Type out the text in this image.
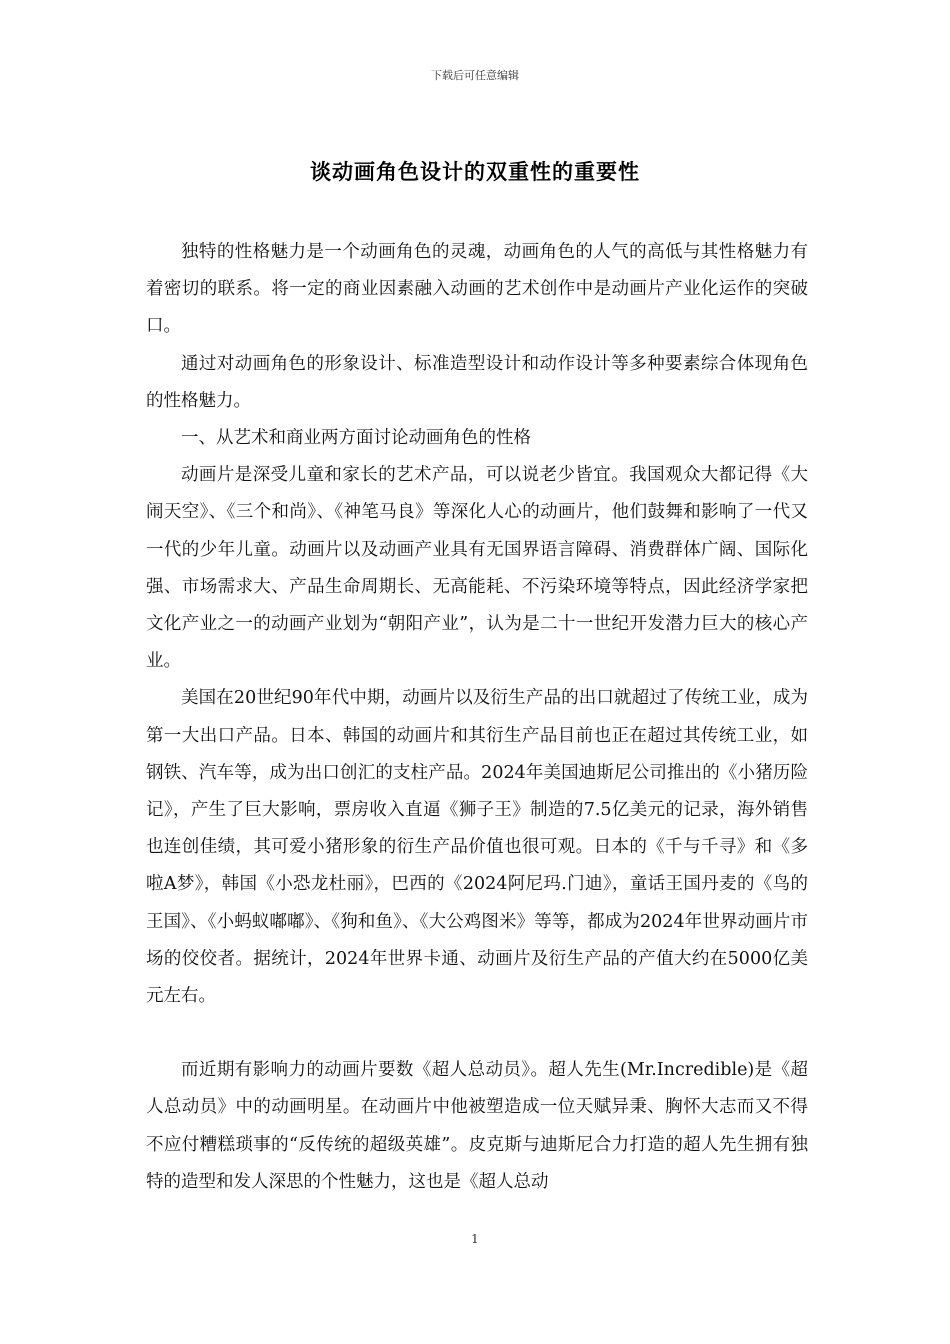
下载后可任意编辑
谈动画角色设计的双重性的重要性

独特的性格魅力是一个动画角色的灵魂，动画角色的人气的高低与其性格魅力有着密切的联系。将一定的商业因素融入动画的艺术创作中是动画片产业化运作的突破口。

通过对动画角色的形象设计、标准造型设计和动作设计等多种要素综合体现角色的性格魅力。

一、从艺术和商业两方面讨论动画角色的性格

动画片是深受儿童和家长的艺术产品，可以说老少皆宜。我国观众大都记得《大闹天空》、《三个和尚》、《神笔马良》等深化人心的动画片，他们鼓舞和影响了一代又一代的少年儿童。动画片以及动画产业具有无国界语言障碍、消费群体广阔、国际化强、市场需求大、产品生命周期长、无高能耗、不污染环境等特点，因此经济学家把文化产业之一的动画产业划为“朝阳产业”，认为是二十一世纪开发潜力巨大的核心产业。

美国在20世纪90年代中期，动画片以及衍生产品的出口就超过了传统工业，成为第一大出口产品。日本、韩国的动画片和其衍生产品目前也正在超过其传统工业，如钢铁、汽车等，成为出口创汇的支柱产品。2024年美国迪斯尼公司推出的《小猪历险记》，产生了巨大影响，票房收入直逼《狮子王》制造的7.5亿美元的记录，海外销售也连创佳绩，其可爱小猪形象的衍生产品价值也很可观。日本的《千与千寻》和《多啦A梦》，韩国《小恐龙杜丽》，巴西的《2024阿尼玛.门迪》，童话王国丹麦的《鸟的王国》、《小蚂蚁嘟嘟》、《狗和鱼》、《大公鸡图米》等等，都成为2024年世界动画片市场的佼佼者。据统计，2024年世界卡通、动画片及衍生产品的产值大约在5000亿美元左右。

而近期有影响力的动画片要数《超人总动员》。超人先生(Mr.Incredible)是《超人总动员》中的动画明星。在动画片中他被塑造成一位天赋异秉、胸怀大志而又不得不应付糟糕琐事的“反传统的超级英雄”。皮克斯与迪斯尼合力打造的超人先生拥有独特的造型和发人深思的个性魅力，这也是《超人总动

1
